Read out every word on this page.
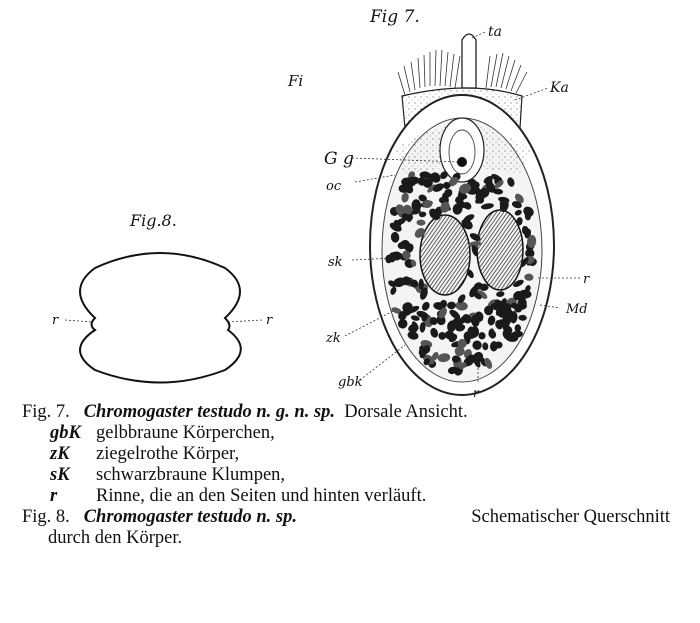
Fig 7.
Fi
ta
Ka
G g
oc
sk
r
Md
zk
gbk
r
Fig.8.
r	r
Fig. 7. Chromogaster testudo n. g. n. sp. Dorsale Ansicht.
gbK gelbbraune Körperchen,
zK ziegelrothe Körper,
sK schwarzbraune Klumpen,
r Rinne, die an den Seiten und hinten verläuft.
Fig. 8. Chromogaster testudo n. sp.	Schematischer Querschnitt
durch den Körper.
